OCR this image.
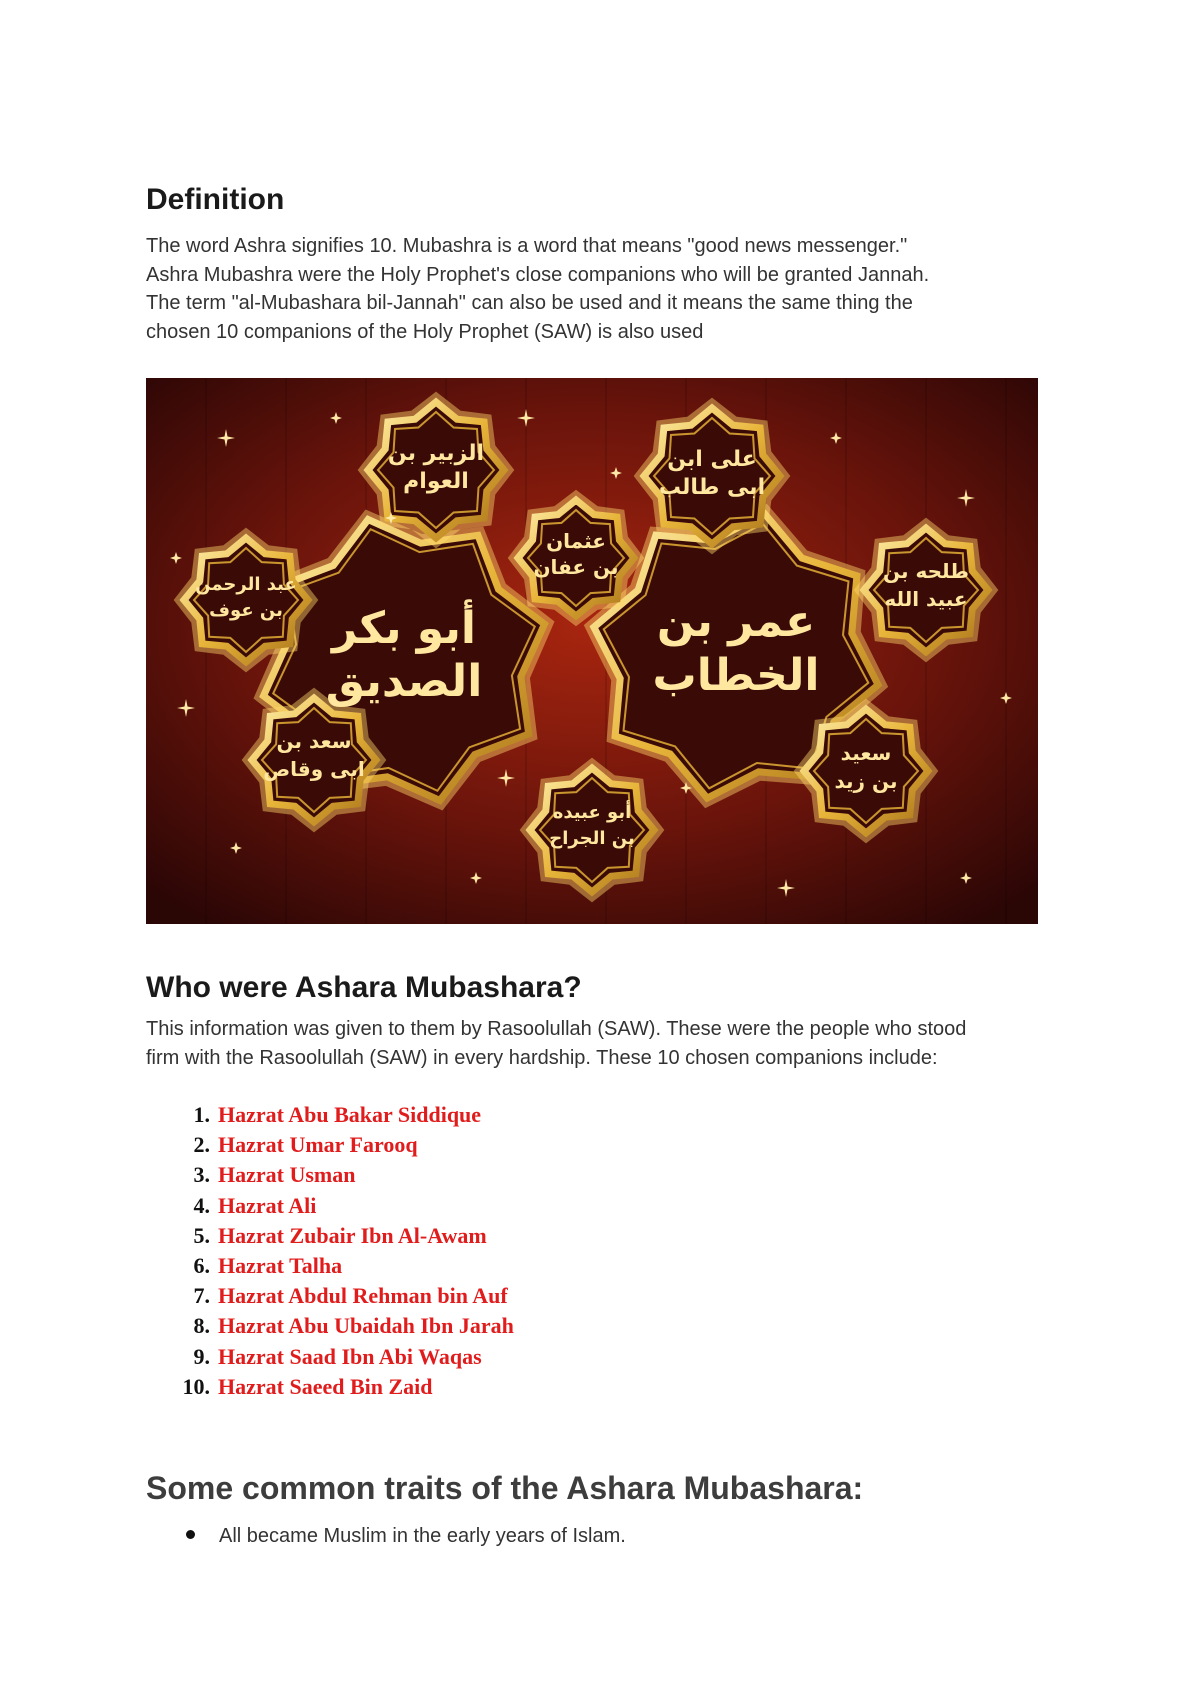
Definition
The word Ashra signifies 10. Mubashra is a word that means "good news messenger."
Ashra Mubashra were the Holy Prophet's close companions who will be granted Jannah.
The term "al-Mubashara bil-Jannah" can also be used and it means the same thing the
chosen 10 companions of the Holy Prophet (SAW) is also used
أبو بكر
الصديق
عمر بن
الخطاب
الزبير بن
العوام
على ابن
ابى طالب
عثمان
بن عفان
عبد الرحمن
بن عوف
طلحه بن
عبيد الله
سعد بن
ابى وقاص
أبو عبيده
بن الجراح
سعيد
بن زيد
Who were Ashara Mubashara?
This information was given to them by Rasoolullah (SAW). These were the people who stood
firm with the Rasoolullah (SAW) in every hardship. These 10 chosen companions include:
1. Hazrat Abu Bakar Siddique
2. Hazrat Umar Farooq
3. Hazrat Usman
4. Hazrat Ali
5. Hazrat Zubair Ibn Al-Awam
6. Hazrat Talha
7. Hazrat Abdul Rehman bin Auf
8. Hazrat Abu Ubaidah Ibn Jarah
9. Hazrat Saad Ibn Abi Waqas
10. Hazrat Saeed Bin Zaid
Some common traits of the Ashara Mubashara:
All became Muslim in the early years of Islam.
